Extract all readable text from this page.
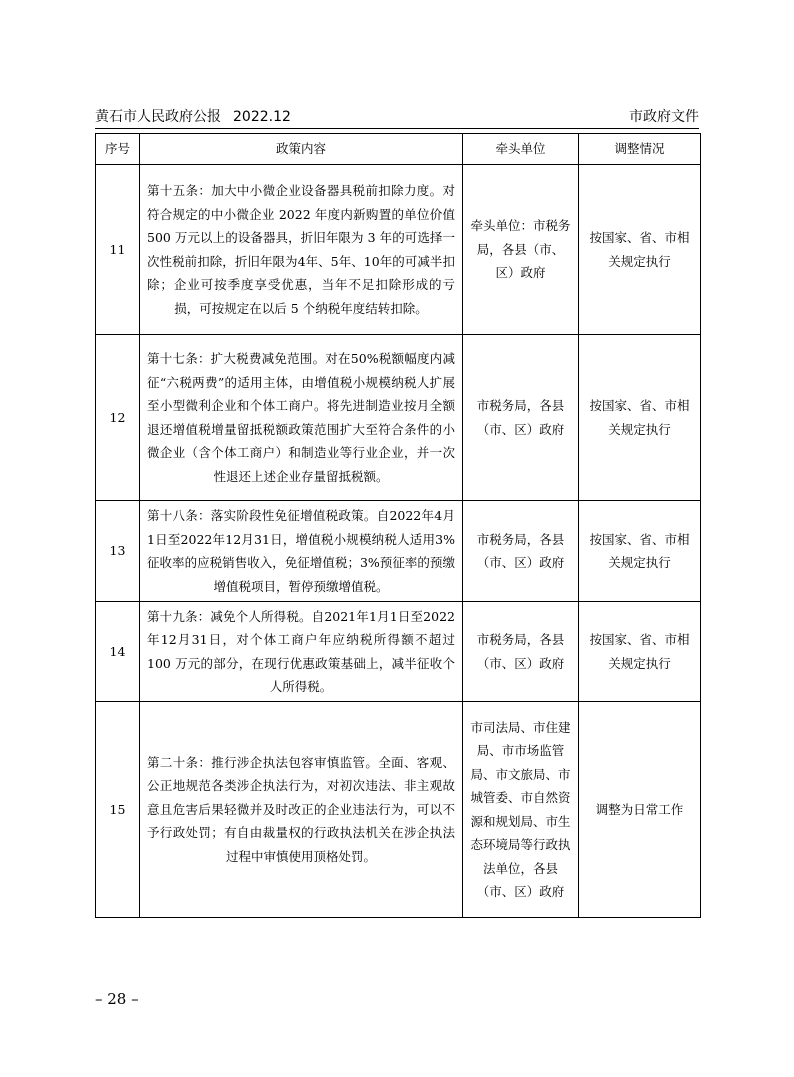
黄石市人民政府公报 2022.12	市政府文件
序号	政策内容	牵头单位	调整情况
11	第十五条：加大中小微企业设备器具税前扣除力度。对符合规定的中小微企业 2022 年度内新购置的单位价值 500 万元以上的设备器具，折旧年限为 3 年的可选择一次性税前扣除，折旧年限为4年、5年、10年的可减半扣除；企业可按季度享受优惠，当年不足扣除形成的亏损，可按规定在以后 5 个纳税年度结转扣除。	牵头单位：市税务局，各县（市、区）政府	按国家、省、市相关规定执行
12	第十七条：扩大税费减免范围。对在50%税额幅度内减征“六税两费”的适用主体，由增值税小规模纳税人扩展至小型微利企业和个体工商户。将先进制造业按月全额退还增值税增量留抵税额政策范围扩大至符合条件的小微企业（含个体工商户）和制造业等行业企业，并一次性退还上述企业存量留抵税额。	市税务局，各县（市、区）政府	按国家、省、市相关规定执行
13	第十八条：落实阶段性免征增值税政策。自2022年4月1日至2022年12月31日，增值税小规模纳税人适用3%征收率的应税销售收入，免征增值税；3%预征率的预缴增值税项目，暂停预缴增值税。	市税务局，各县（市、区）政府	按国家、省、市相关规定执行
14	第十九条：减免个人所得税。自2021年1月1日至2022年12月31日，对个体工商户年应纳税所得额不超过 100 万元的部分，在现行优惠政策基础上，减半征收个人所得税。	市税务局，各县（市、区）政府	按国家、省、市相关规定执行
15	第二十条：推行涉企执法包容审慎监管。全面、客观、公正地规范各类涉企执法行为，对初次违法、非主观故意且危害后果轻微并及时改正的企业违法行为，可以不予行政处罚；有自由裁量权的行政执法机关在涉企执法过程中审慎使用顶格处罚。	市司法局、市住建局、市市场监管局、市文旅局、市城管委、市自然资源和规划局、市生态环境局等行政执法单位，各县（市、区）政府	调整为日常工作
– 28 –
